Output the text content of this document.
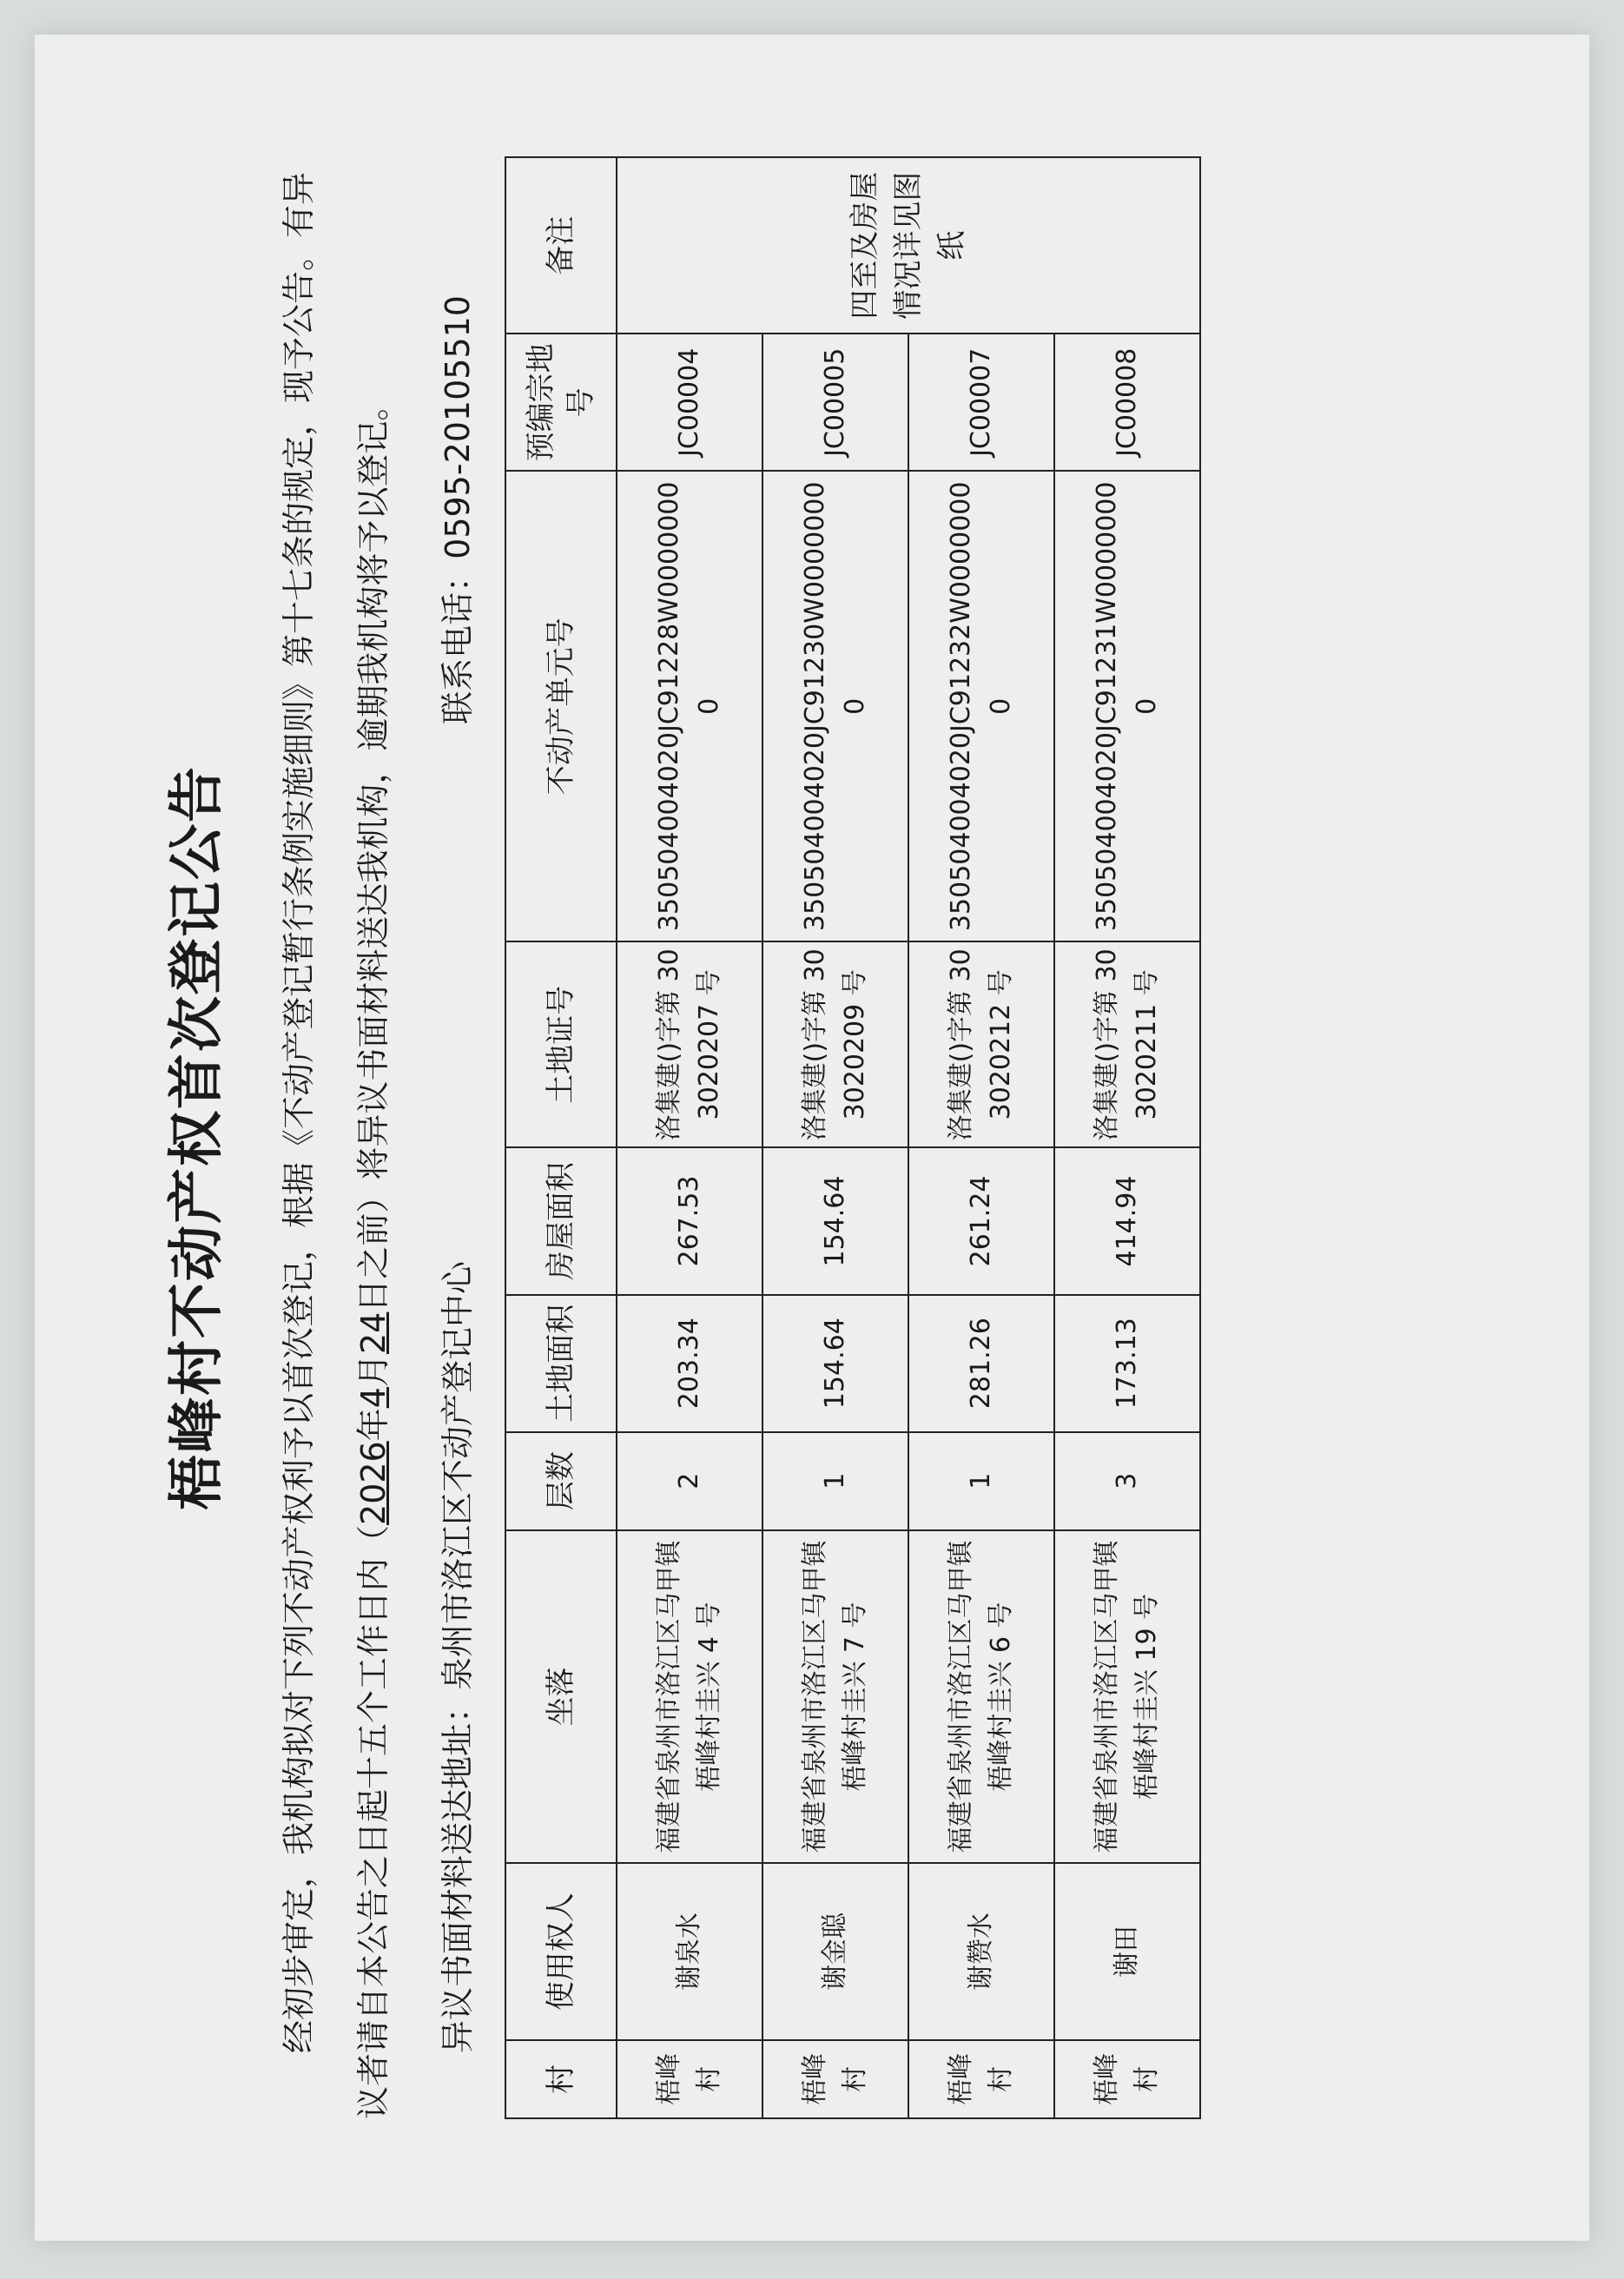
梧峰村不动产权首次登记公告	经初步审定，我机构拟对下列不动产权利予以首次登记，根据《不动产登记暂行条例实施细则》第十七条的规定，现予公告。有异议者请自本公告之日起十五个工作日内（2026年4月24日之前）将异议书面材料送达我机构，逾期我机构将予以登记。

异议书面材料送达地址：泉州市洛江区不动产登记中心
联系电话：0595-20105510
村	使用权人	坐落	层数	土地面积	房屋面积	土地证号	不动产单元号	预编宗地号	备注
梧峰村	谢泉水	福建省泉州市洛江区马甲镇梧峰村圭兴 4 号	2	203.34	267.53	洛集建()字第 303020207 号	350504004020JC91228W00000000	JC00004	四至及房屋情况详见图纸
梧峰村	谢金聪	福建省泉州市洛江区马甲镇梧峰村圭兴 7 号	1	154.64	154.64	洛集建()字第 303020209 号	350504004020JC91230W00000000	JC00005	
梧峰村	谢赞水	福建省泉州市洛江区马甲镇梧峰村圭兴 6 号	1	281.26	261.24	洛集建()字第 303020212 号	350504004020JC91232W00000000	JC00007	
梧峰村	谢田	福建省泉州市洛江区马甲镇梧峰村圭兴 19 号	3	173.13	414.94	洛集建()字第 303020211 号	350504004020JC91231W00000000	JC00008	
